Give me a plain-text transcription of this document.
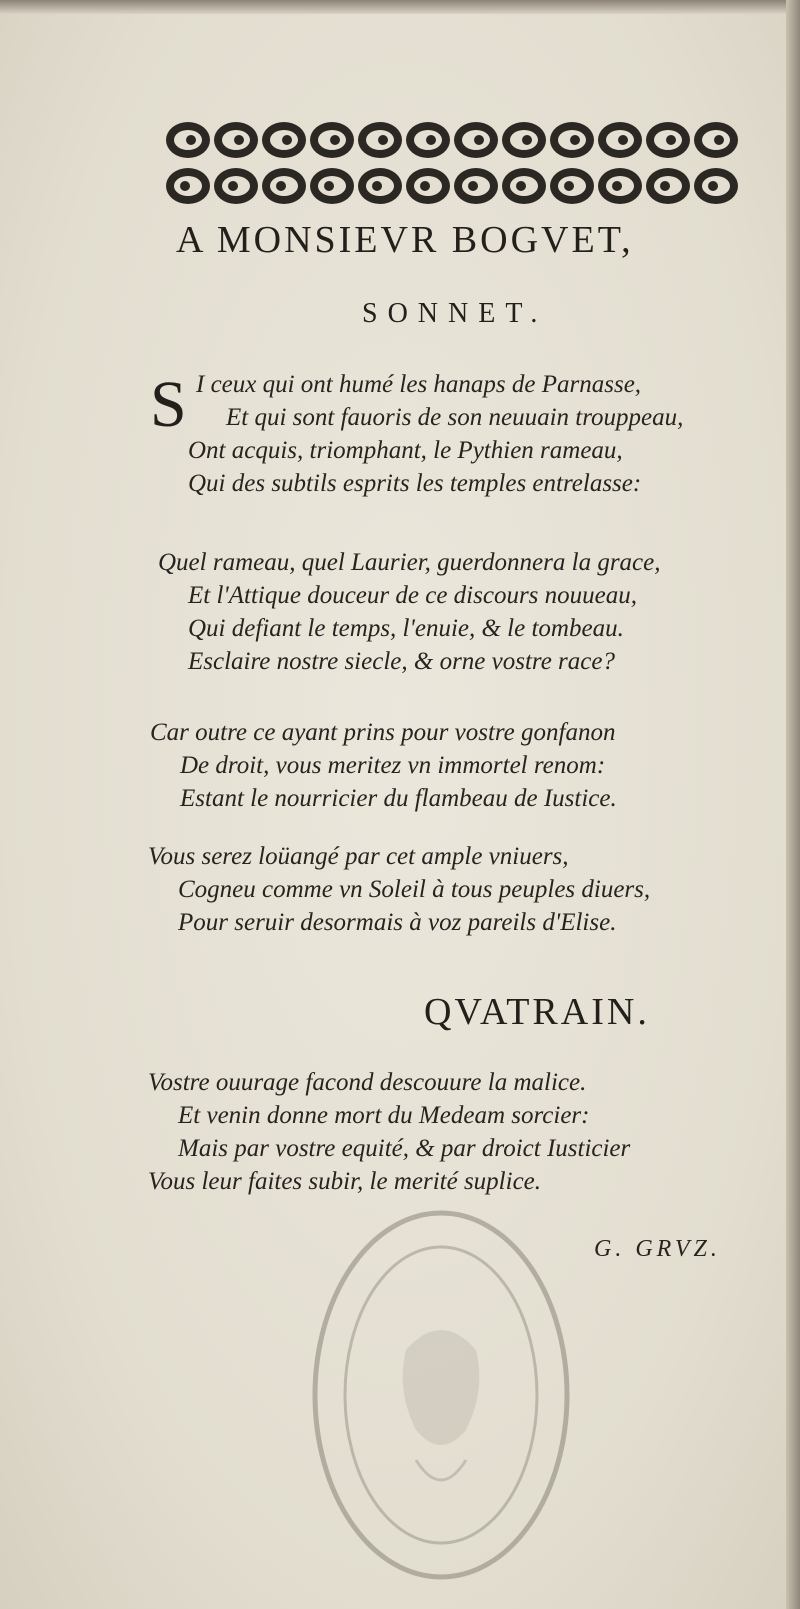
A MONSIEVR BOGVET,
SONNET.
S I ceux qui ont humé les hanaps de Parnasse,
Et qui sont fauoris de son neuuain trouppeau,
Ont acquis, triomphant, le Pythien rameau,
Qui des subtils esprits les temples entrelasse:
Quel rameau, quel Laurier, guerdonnera la grace,
Et l'Attique douceur de ce discours nouueau,
Qui defiant le temps, l'enuie, & le tombeau.
Esclaire nostre siecle, & orne vostre race?
Car outre ce ayant prins pour vostre gonfanon
De droit, vous meritez vn immortel renom:
Estant le nourricier du flambeau de Iustice.
Vous serez loüangé par cet ample vniuers,
Cogneu comme vn Soleil à tous peuples diuers,
Pour seruir desormais à voz pareils d'Elise.
QVATRAIN.
Vostre ouurage facond descouure la malice.
Et venin donne mort du Medeam sorcier:
Mais par vostre equité, & par droict Iusticier
Vous leur faites subir, le merité suplice.
G. GRVZ.
